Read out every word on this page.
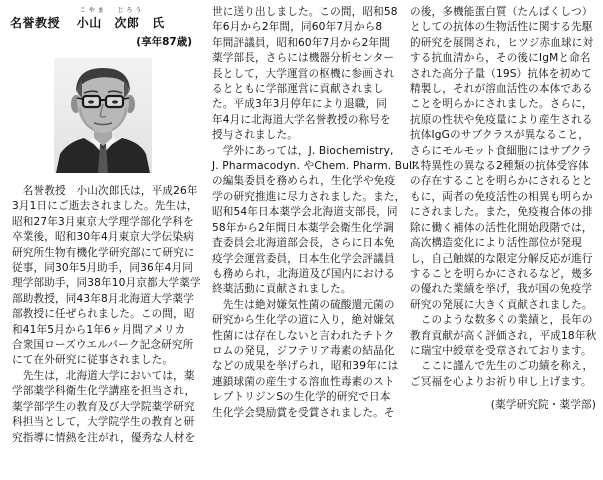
名誉教授
こやま
小山
じろう
次郎 氏
(享年87歳)

　名誉教授　小山次郎氏は，平成26年

3月1日にご逝去されました。先生は，

昭和27年3月東京大学理学部化学科を

卒業後，昭和30年4月東京大学伝染病

研究所生物有機化学研究部にて研究に

従事，同30年5月助手，同36年4月同

理学部助手，同38年10月京都大学薬学

部助教授，同43年8月北海道大学薬学

部教授に任ぜられました。この間，昭

和41年5月から1年6ヶ月間アメリカ

合衆国ローズウエルパーク記念研究所

にて在外研究に従事されました。

　先生は，北海道大学においては，薬

学部薬学科衛生化学講座を担当され，

薬学部学生の教育及び大学院薬学研究

科担当として，大学院学生の教育と研

究指導に情熱を注がれ，優秀な人材を

世に送り出しました。この間，昭和58

年6月から2年間，同60年7月から8

年間評議員，昭和60年7月から2年間

薬学部長，さらには機器分析センター

長として，大学運営の枢機に参画され

るとともに学部運営に貢献されまし

た。平成3年3月停年により退職，同

年4月に北海道大学名誉教授の称号を

授与されました。

　学外にあっては，J. Biochemistry,

J. Pharmacodyn. やChem. Pharm. Bull.

の編集委員を務められ，生化学や免疫

学の研究推進に尽力されました。また，

昭和54年日本薬学会北海道支部長，同

58年から2年間日本薬学会衛生化学調

査委員会北海道部会長，さらに日本免

疫学会運営委員，日本生化学会評議員

も務められ，北海道及び国内における

終薬活動に貢献されました。

　先生は絶対嫌気性菌の硫酸還元菌の

研究から生化学の道に入り，絶対嫌気

性菌には存在しないと言われたチトク

ロムの発見，ジフテリア毒素の結晶化

などの成果を挙げられ，昭和39年には

連鎖球菌の産生する溶血性毒素のスト

レプトリジンSの生化学的研究で日本

生化学会奨励賞を受賞されました。そ

の後，多機能蛋白質（たんぱくしつ）

としての抗体の生物活性に関する先駆

的研究を展開され，ヒツジ赤血球に対

する抗血清から，その後にIgMと命名

された高分子量（19S）抗体を初めて

精製し，それが溶血活性の本体である

ことを明らかにされました。さらに，

抗原の性状や免疫量により産生される

抗体IgGのサブクラスが異なること，

さらにモルモット食細胞にはサブクラ

ス特異性の異なる2種類の抗体受容体

の存在することを明らかにされるとと

もに，両者の免疫活性の相異も明らか

にされました。また，免疫複合体の排

除に働く補体の活性化開始段階では，

高次構造変化により活性部位が発現

し，自己触媒的な限定分解反応が進行

することを明らかにされるなど，幾多

の優れた業績を挙げ，我が国の免疫学

研究の発展に大きく貢献されました。

　このような数多くの業績と，長年の

教育貢献が高く評価され，平成18年秋

に瑞宝中綬章を受章されております。

　ここに謹んで先生のご功績を称え，

ご冥福を心よりお祈り申し上げます。

(薬学研究院・薬学部)
